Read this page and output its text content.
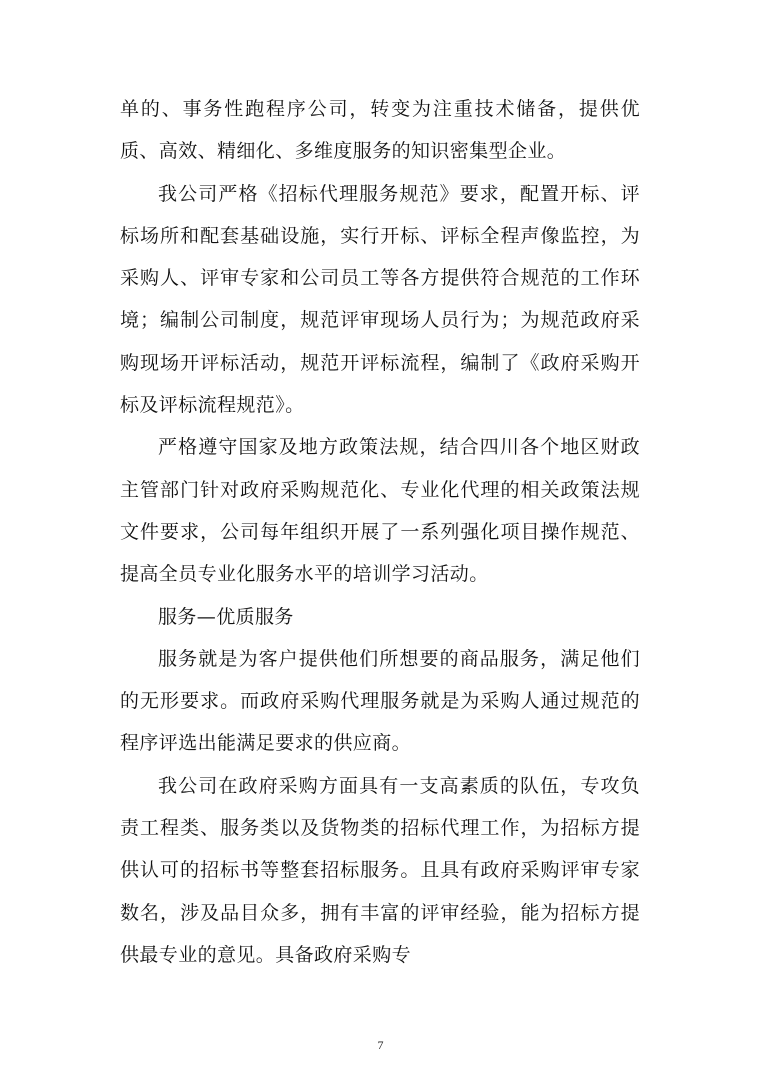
单的、事务性跑程序公司，转变为注重技术储备，提供优质、高效、精细化、多维度服务的知识密集型企业。

我公司严格《招标代理服务规范》要求，配置开标、评标场所和配套基础设施，实行开标、评标全程声像监控，为采购人、评审专家和公司员工等各方提供符合规范的工作环境；编制公司制度，规范评审现场人员行为；为规范政府采购现场开评标活动，规范开评标流程，编制了《政府采购开标及评标流程规范》。

严格遵守国家及地方政策法规，结合四川各个地区财政主管部门针对政府采购规范化、专业化代理的相关政策法规文件要求，公司每年组织开展了一系列强化项目操作规范、提高全员专业化服务水平的培训学习活动。

服务—优质服务

服务就是为客户提供他们所想要的商品服务，满足他们的无形要求。而政府采购代理服务就是为采购人通过规范的程序评选出能满足要求的供应商。

我公司在政府采购方面具有一支高素质的队伍，专攻负责工程类、服务类以及货物类的招标代理工作，为招标方提供认可的招标书等整套招标服务。且具有政府采购评审专家数名，涉及品目众多，拥有丰富的评审经验，能为招标方提供最专业的意见。具备政府采购专

7
